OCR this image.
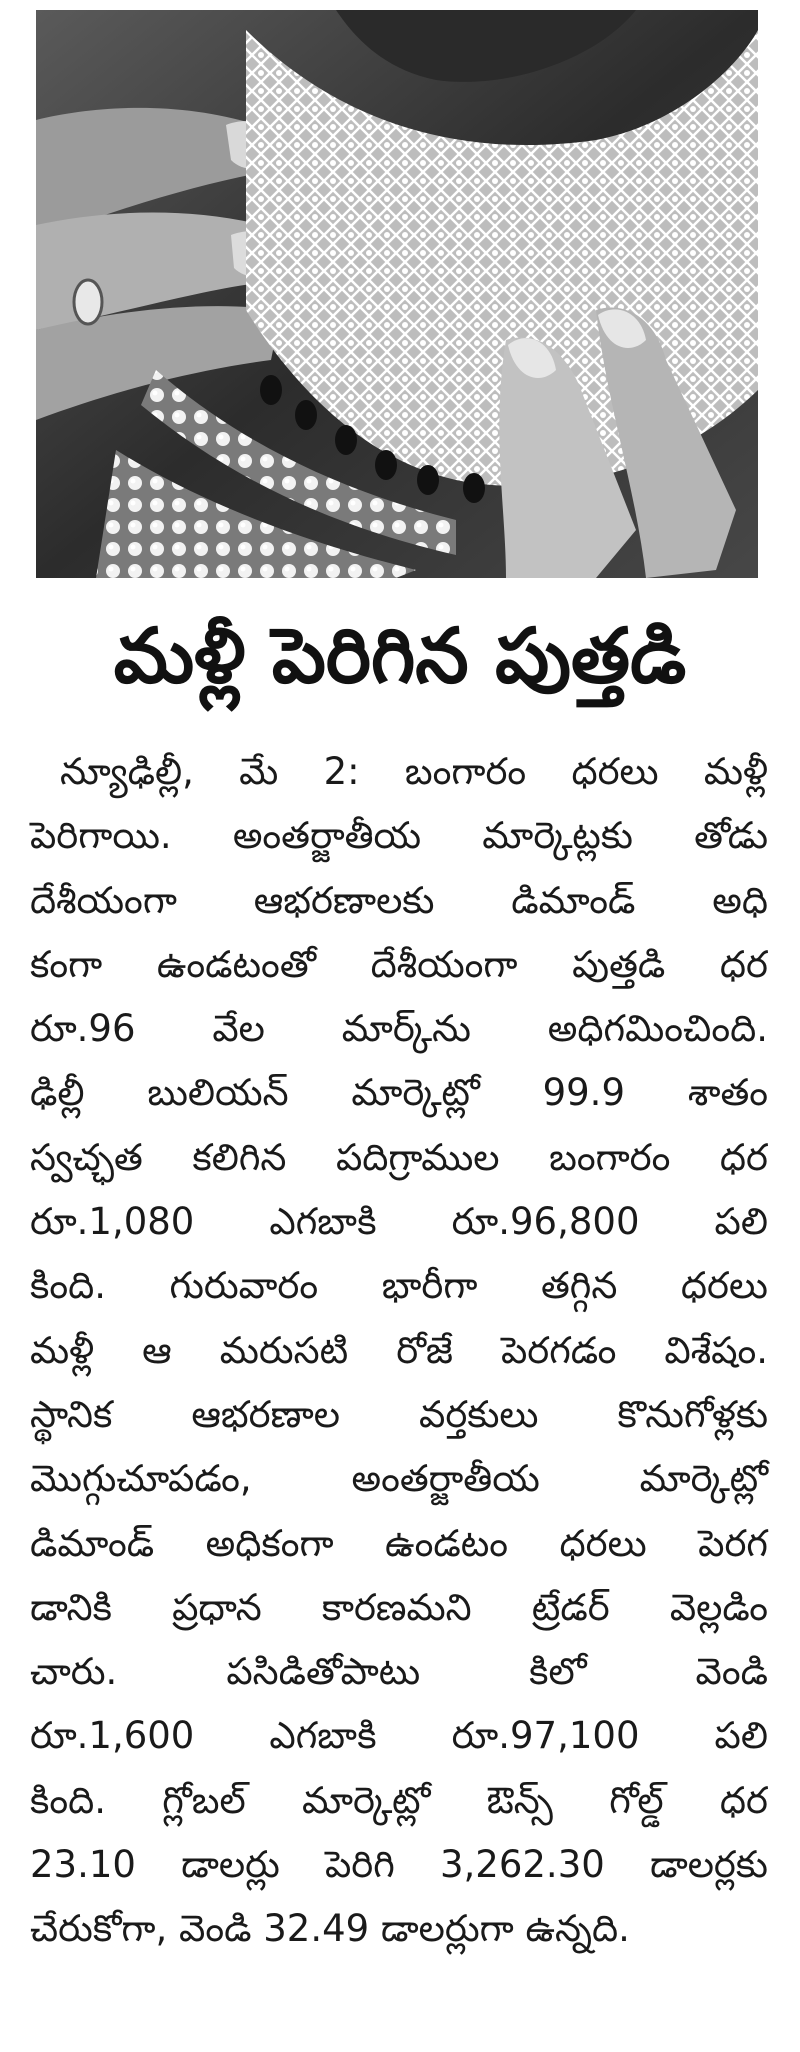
మళ్లీ పెరిగిన పుత్తడి
న్యూఢిల్లీ, మే 2: బంగారం ధరలు మళ్లీ
పెరిగాయి. అంతర్జాతీయ మార్కెట్లకు తోడు
దేశీయంగా ఆభరణాలకు డిమాండ్ అధి
కంగా ఉండటంతో దేశీయంగా పుత్తడి ధర
రూ.96 వేల మార్క్‌ను అధిగమించింది.
ఢిల్లీ బులియన్ మార్కెట్లో 99.9 శాతం
స్వచ్ఛత కలిగిన పదిగ్రాముల బంగారం ధర
రూ.1,080 ఎగబాకి రూ.96,800 పలి
కింది. గురువారం భారీగా తగ్గిన ధరలు
మళ్లీ ఆ మరుసటి రోజే పెరగడం విశేషం.
స్థానిక ఆభరణాల వర్తకులు కొనుగోళ్లకు
మొగ్గుచూపడం, అంతర్జాతీయ మార్కెట్లో
డిమాండ్ అధికంగా ఉండటం ధరలు పెరగ
డానికి ప్రధాన కారణమని ట్రేడర్ వెల్లడిం
చారు. పసిడితోపాటు కిలో వెండి
రూ.1,600 ఎగబాకి రూ.97,100 పలి
కింది. గ్లోబల్ మార్కెట్లో ఔన్స్ గోల్డ్ ధర
23.10 డాలర్లు పెరిగి 3,262.30 డాలర్లకు
చేరుకోగా, వెండి 32.49 డాలర్లుగా ఉన్నది.
